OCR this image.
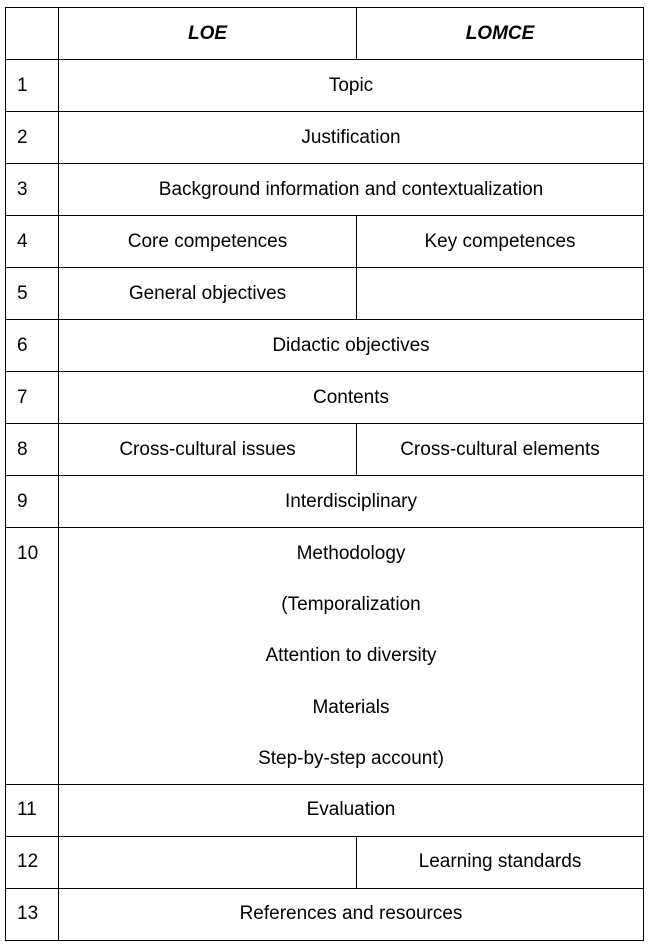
	LOE	LOMCE
1	Topic	
2	Justification	
3	Background information and contextualization	
4	Core competences	Key competences
5	General objectives	
6	Didactic objectives	
7	Contents	
8	Cross-cultural issues	Cross-cultural elements
9	Interdisciplinary	
10	Methodology
(Temporalization
Attention to diversity
Materials
Step-by-step account)	

11	Evaluation	
12		Learning standards
13	References and resources	
